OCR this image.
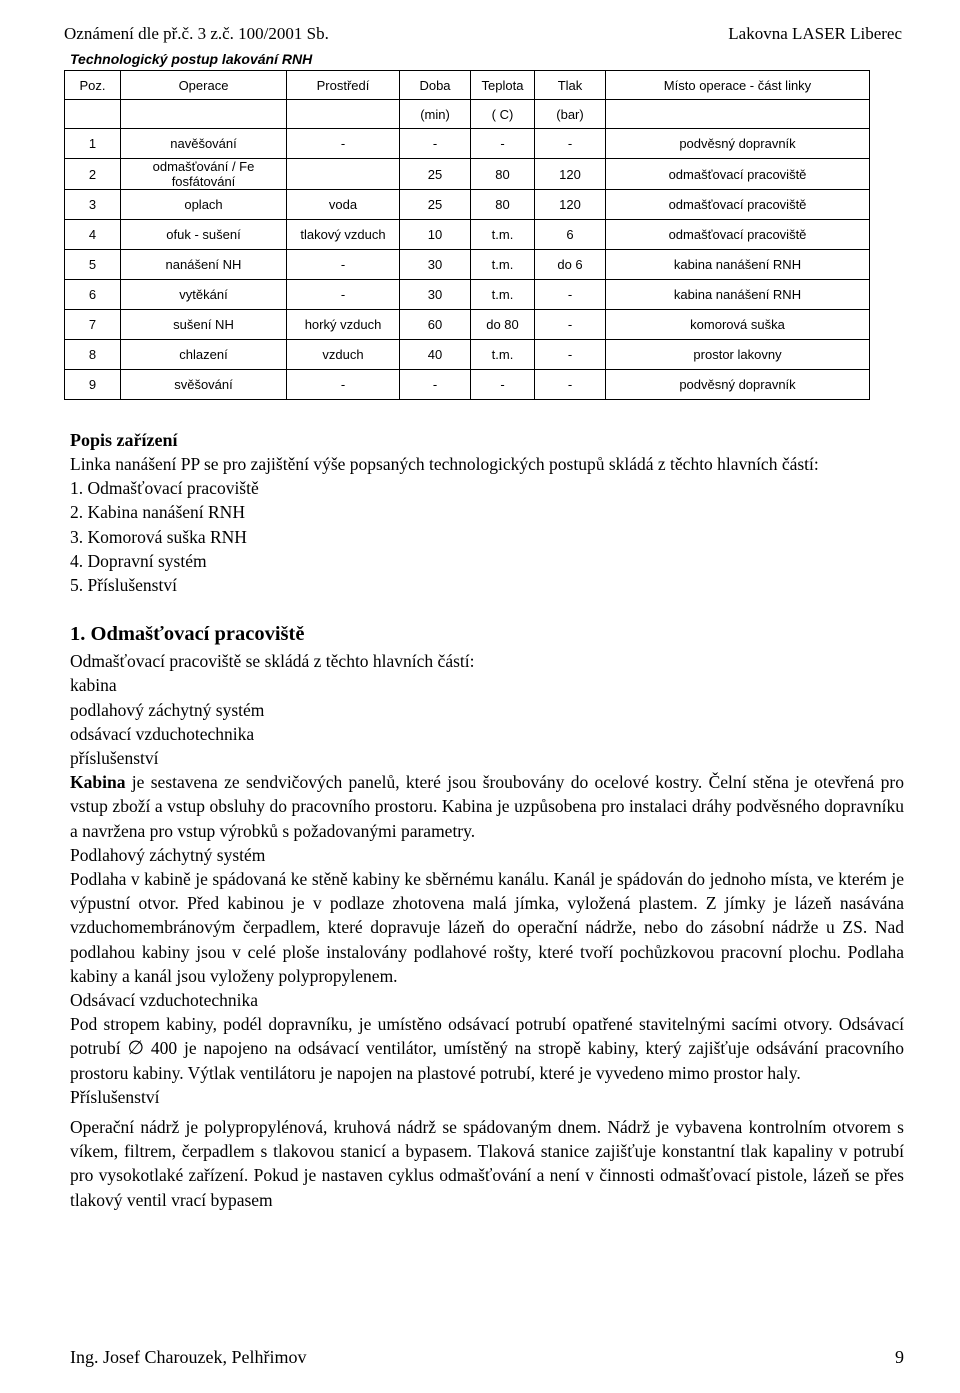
Oznámení dle př.č. 3 z.č. 100/2001 Sb.	Lakovna LASER Liberec
Technologický postup lakování RNH
Poz.	Operace	Prostředí	Doba	Teplota	Tlak	Místo operace - část linky
			(min)	( C)	(bar)	
1	navěšování	-	-	-	-	podvěsný dopravník
2	odmašťování / Fe fosfátování		25	80	120	odmašťovací pracoviště
3	oplach	voda	25	80	120	odmašťovací pracoviště
4	ofuk - sušení	tlakový vzduch	10	t.m.	6	odmašťovací pracoviště
5	nanášení NH	-	30	t.m.	do 6	kabina nanášení RNH
6	vytěkání	-	30	t.m.	-	kabina nanášení RNH
7	sušení NH	horký vzduch	60	do 80	-	komorová suška
8	chlazení	vzduch	40	t.m.	-	prostor lakovny
9	svěšování	-	-	-	-	podvěsný dopravník

Popis zařízení

Linka nanášení PP se pro zajištění výše popsaných technologických postupů skládá z těchto hlavních částí:

1. Odmašťovací pracoviště

2. Kabina nanášení RNH

3. Komorová suška RNH

4. Dopravní systém

5. Příslušenství

1. Odmašťovací pracoviště

Odmašťovací pracoviště se skládá z těchto hlavních částí:

kabina

podlahový záchytný systém

odsávací vzduchotechnika

příslušenství

Kabina je sestavena ze sendvičových panelů, které jsou šroubovány do ocelové kostry. Čelní stěna je otevřená pro vstup zboží a vstup obsluhy do pracovního prostoru. Kabina je uzpůsobena pro instalaci dráhy podvěsného dopravníku a navržena pro vstup výrobků s požadovanými parametry.

Podlahový záchytný systém

Podlaha v kabině je spádovaná ke stěně kabiny ke sběrnému kanálu. Kanál je spádován do jednoho místa, ve kterém je výpustní otvor. Před kabinou je v podlaze zhotovena malá jímka, vyložená plastem. Z jímky je lázeň nasávána vzduchomembránovým čerpadlem, které dopravuje lázeň do operační nádrže, nebo do zásobní nádrže u ZS. Nad podlahou kabiny jsou v celé ploše instalovány podlahové rošty, které tvoří pochůzkovou pracovní plochu. Podlaha kabiny a kanál jsou vyloženy polypropylenem.

Odsávací vzduchotechnika

Pod stropem kabiny, podél dopravníku, je umístěno odsávací potrubí opatřené stavitelnými sacími otvory. Odsávací potrubí ∅ 400 je napojeno na odsávací ventilátor, umístěný na stropě kabiny, který zajišťuje odsávání pracovního prostoru kabiny. Výtlak ventilátoru je napojen na plastové potrubí, které je vyvedeno mimo prostor haly.

Příslušenství

Operační nádrž je polypropylénová, kruhová nádrž se spádovaným dnem. Nádrž je vybavena kontrolním otvorem s víkem, filtrem, čerpadlem s tlakovou stanicí a bypasem. Tlaková stanice zajišťuje konstantní tlak kapaliny v potrubí pro vysokotlaké zařízení. Pokud je nastaven cyklus odmašťování a není v činnosti odmašťovací pistole, lázeň se přes tlakový ventil vrací bypasem

Ing. Josef Charouzek, Pelhřimov	9
